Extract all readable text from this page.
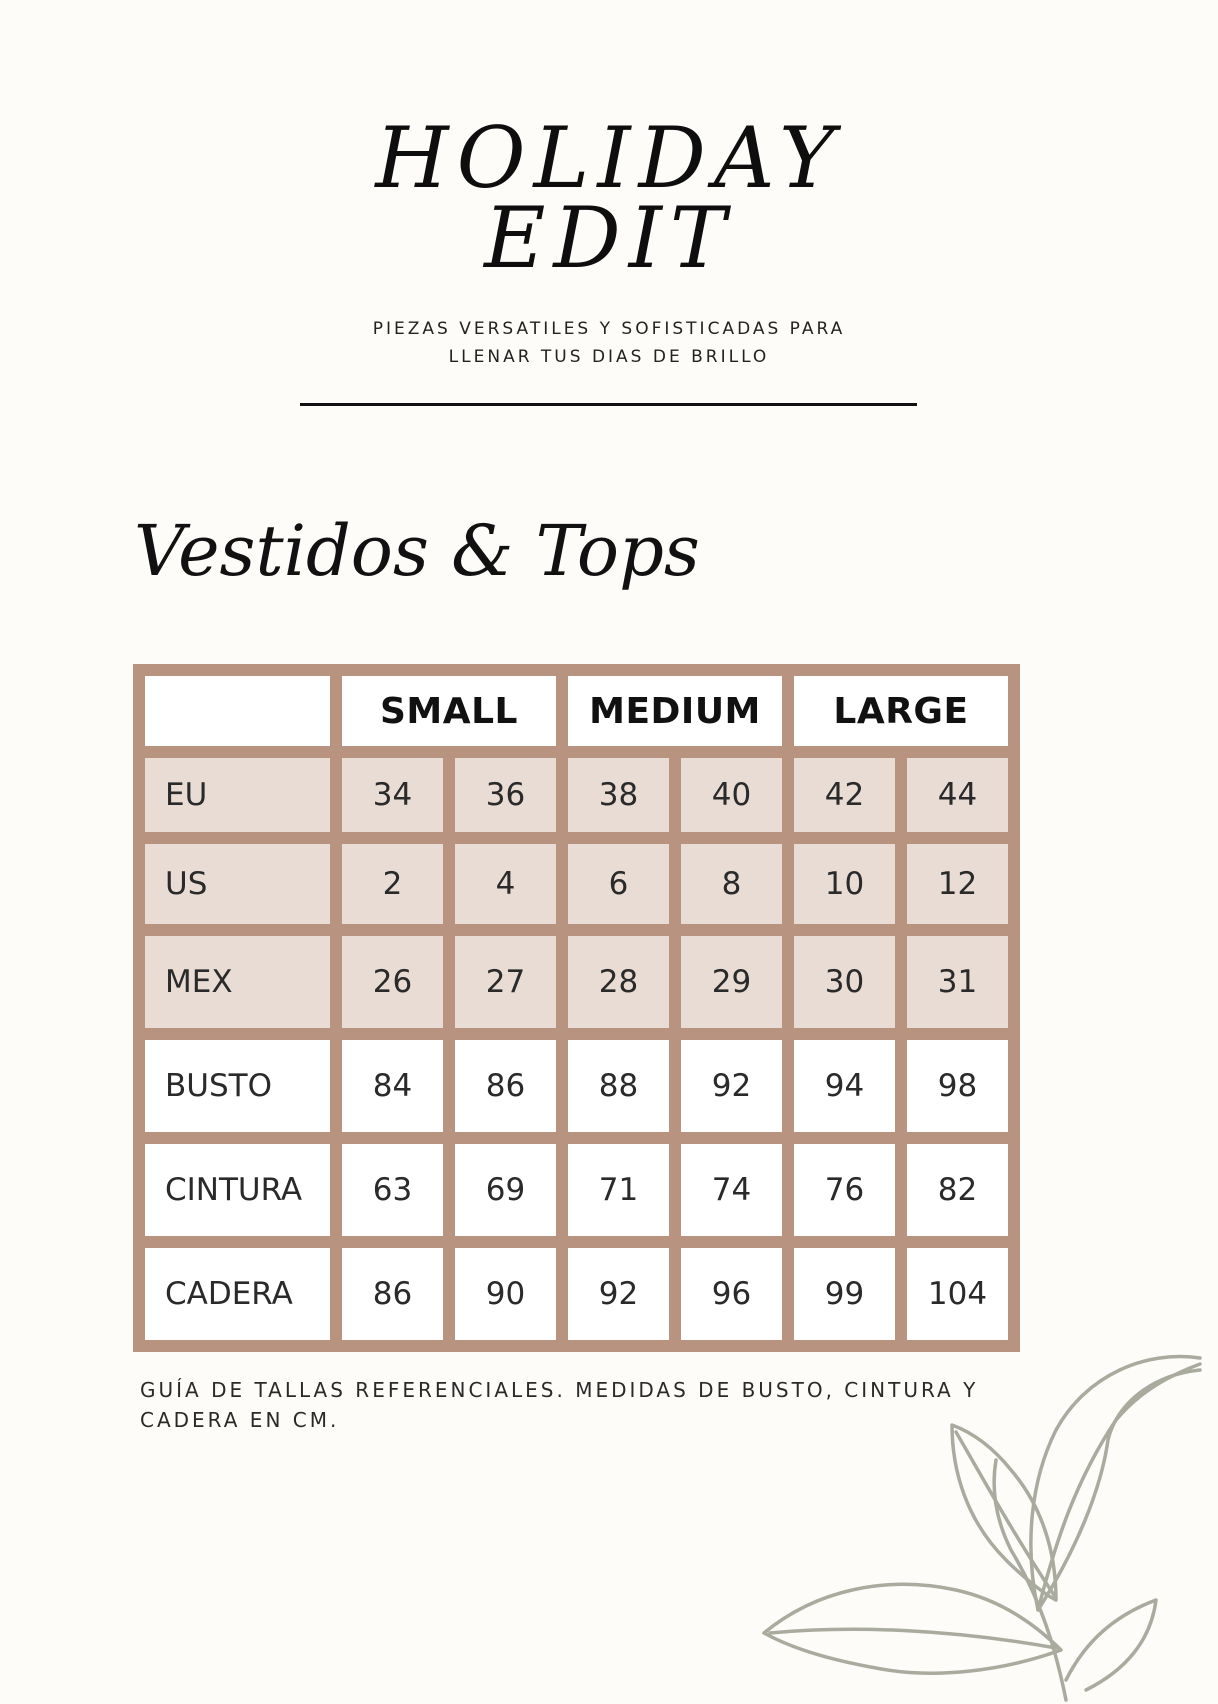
HOLIDAY
EDIT
PIEZAS VERSATILES Y SOFISTICADAS PARA
LLENAR TUS DIAS DE BRILLO
Vestidos & Tops
	SMALL		MEDIUM		LARGE	
EU	34	36	38	40	42	44
US	2	4	6	8	10	12
MEX	26	27	28	29	30	31
BUSTO	84	86	88	92	94	98
CINTURA	63	69	71	74	76	82
CADERA	86	90	92	96	99	104

GUÍA DE TALLAS REFERENCIALES. MEDIDAS DE BUSTO, CINTURA Y
CADERA EN CM.
